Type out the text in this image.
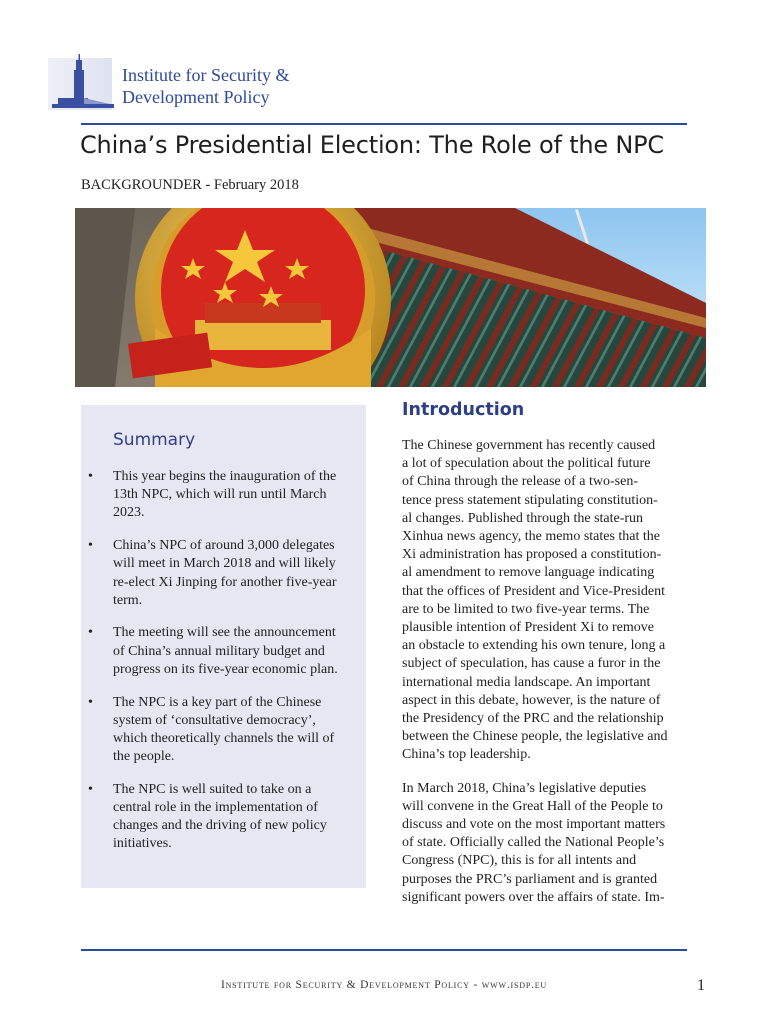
Institute for Security &
Development Policy
China’s Presidential Election: The Role of the NPC
BACKGROUNDER - February 2018
Summary
• This year begins the inauguration of the
13th NPC, which will run until March
2023.
• China’s NPC of around 3,000 delegates
will meet in March 2018 and will likely
re-elect Xi Jinping for another five-year
term.
• The meeting will see the announcement
of China’s annual military budget and
progress on its five-year economic plan.
• The NPC is a key part of the Chinese
system of ‘consultative democracy’,
which theoretically channels the will of
the people.
• The NPC is well suited to take on a
central role in the implementation of
changes and the driving of new policy
initiatives.
Introduction

The Chinese government has recently caused
a lot of speculation about the political future
of China through the release of a two-sen-
tence press statement stipulating constitution-
al changes. Published through the state-run
Xinhua news agency, the memo states that the
Xi administration has proposed a constitution-
al amendment to remove language indicating
that the offices of President and Vice-President
are to be limited to two five-year terms. The
plausible intention of President Xi to remove
an obstacle to extending his own tenure, long a
subject of speculation, has cause a furor in the
international media landscape. An important
aspect in this debate, however, is the nature of
the Presidency of the PRC and the relationship
between the Chinese people, the legislative and
China’s top leadership.

In March 2018, China’s legislative deputies
will convene in the Great Hall of the People to
discuss and vote on the most important matters
of state. Officially called the National People’s
Congress (NPC), this is for all intents and
purposes the PRC’s parliament and is granted
significant powers over the affairs of state. Im-

Institute for Security & Development Policy - www.isdp.eu	1
